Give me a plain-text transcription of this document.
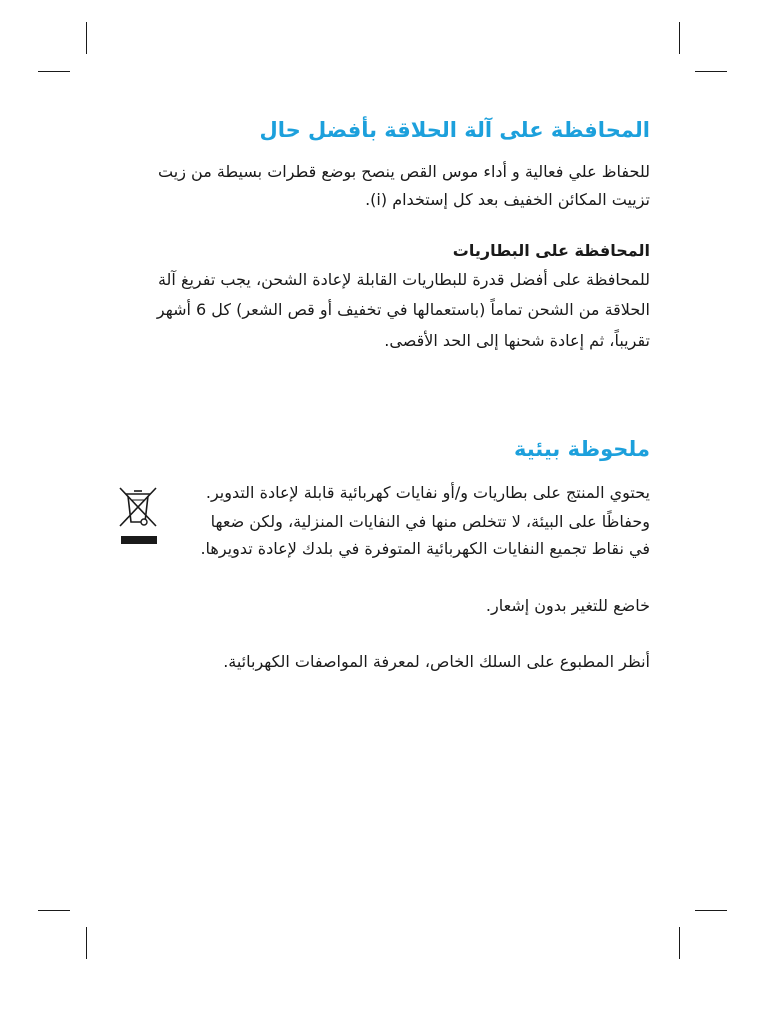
المحافظة على آلة الحلاقة بأفضل حال

للحفاظ علي فعالية و أداء موس القص ينصح بوضع قطرات بسيطة من زيت

تزييت المكائن الخفيف بعد كل إستخدام (i).

المحافظة على البطاريات

للمحافظة على أفضل قدرة للبطاريات القابلة لإعادة الشحن، يجب تفريغ آلة

الحلاقة من الشحن تماماً (باستعمالها في تخفيف أو قص الشعر) كل 6 أشهر

تقريباً، ثم إعادة شحنها إلى الحد الأقصى.

ملحوظة بيئية

يحتوي المنتج على بطاريات و/أو نفايات كهربائية قابلة لإعادة التدوير.

وحفاظًا على البيئة، لا تتخلص منها في النفايات المنزلية، ولكن ضعها

في نقاط تجميع النفايات الكهربائية المتوفرة في بلدك لإعادة تدويرها.

خاضع للتغير بدون إشعار.

أنظر المطبوع على السلك الخاص، لمعرفة المواصفات الكهربائية.
